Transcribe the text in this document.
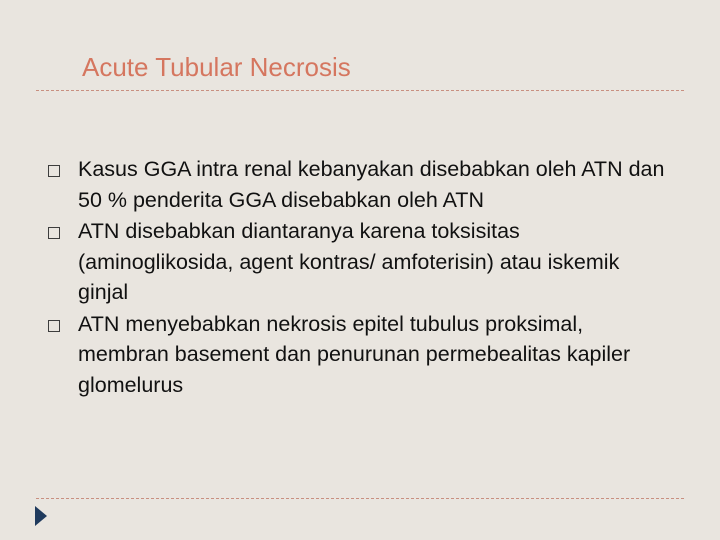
Acute Tubular Necrosis
Kasus GGA intra renal kebanyakan disebabkan oleh ATN dan 50 % penderita GGA disebabkan oleh ATN
ATN disebabkan diantaranya karena toksisitas (aminoglikosida, agent kontras/ amfoterisin) atau iskemik ginjal
ATN menyebabkan nekrosis epitel tubulus proksimal, membran basement dan penurunan permebealitas kapiler glomelurus
